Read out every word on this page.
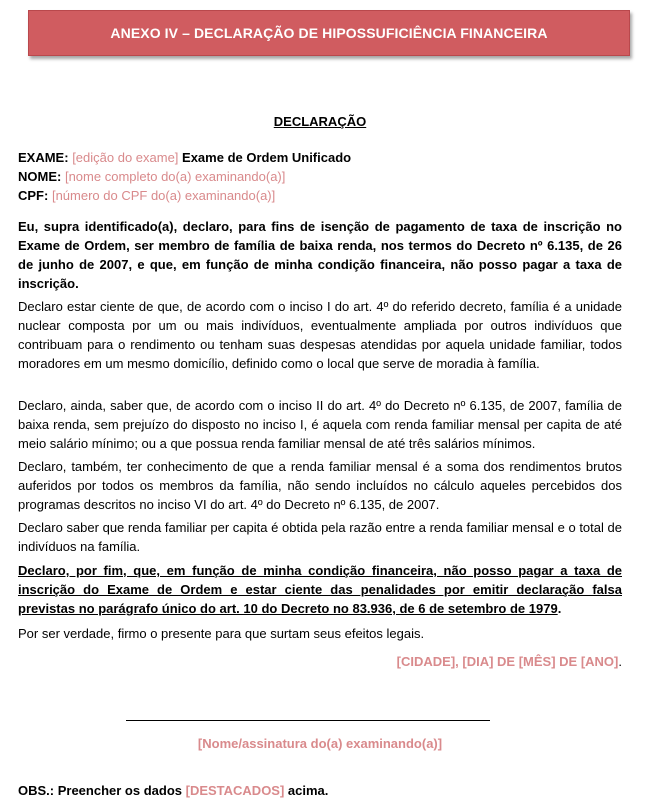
ANEXO IV – DECLARAÇÃO DE HIPOSSUFICIÊNCIA FINANCEIRA
DECLARAÇÃO
EXAME: [edição do exame] Exame de Ordem Unificado
NOME: [nome completo do(a) examinando(a)]
CPF: [número do CPF do(a) examinando(a)]
Eu, supra identificado(a), declaro, para fins de isenção de pagamento de taxa de inscrição no Exame de Ordem, ser membro de família de baixa renda, nos termos do Decreto nº 6.135, de 26 de junho de 2007, e que, em função de minha condição financeira, não posso pagar a taxa de inscrição.
Declaro estar ciente de que, de acordo com o inciso I do art. 4º do referido decreto, família é a unidade nuclear composta por um ou mais indivíduos, eventualmente ampliada por outros indivíduos que contribuam para o rendimento ou tenham suas despesas atendidas por aquela unidade familiar, todos moradores em um mesmo domicílio, definido como o local que serve de moradia à família.
Declaro, ainda, saber que, de acordo com o inciso II do art. 4º do Decreto nº 6.135, de 2007, família de baixa renda, sem prejuízo do disposto no inciso I, é aquela com renda familiar mensal per capita de até meio salário mínimo; ou a que possua renda familiar mensal de até três salários mínimos.
Declaro, também, ter conhecimento de que a renda familiar mensal é a soma dos rendimentos brutos auferidos por todos os membros da família, não sendo incluídos no cálculo aqueles percebidos dos programas descritos no inciso VI do art. 4º do Decreto nº 6.135, de 2007.
Declaro saber que renda familiar per capita é obtida pela razão entre a renda familiar mensal e o total de indivíduos na família.
Declaro, por fim, que, em função de minha condição financeira, não posso pagar a taxa de inscrição do Exame de Ordem e estar ciente das penalidades por emitir declaração falsa previstas no parágrafo único do art. 10 do Decreto no 83.936, de 6 de setembro de 1979.
Por ser verdade, firmo o presente para que surtam seus efeitos legais.
[CIDADE], [DIA] DE [MÊS] DE [ANO].
[Nome/assinatura do(a) examinando(a)]
OBS.: Preencher os dados [DESTACADOS] acima.
